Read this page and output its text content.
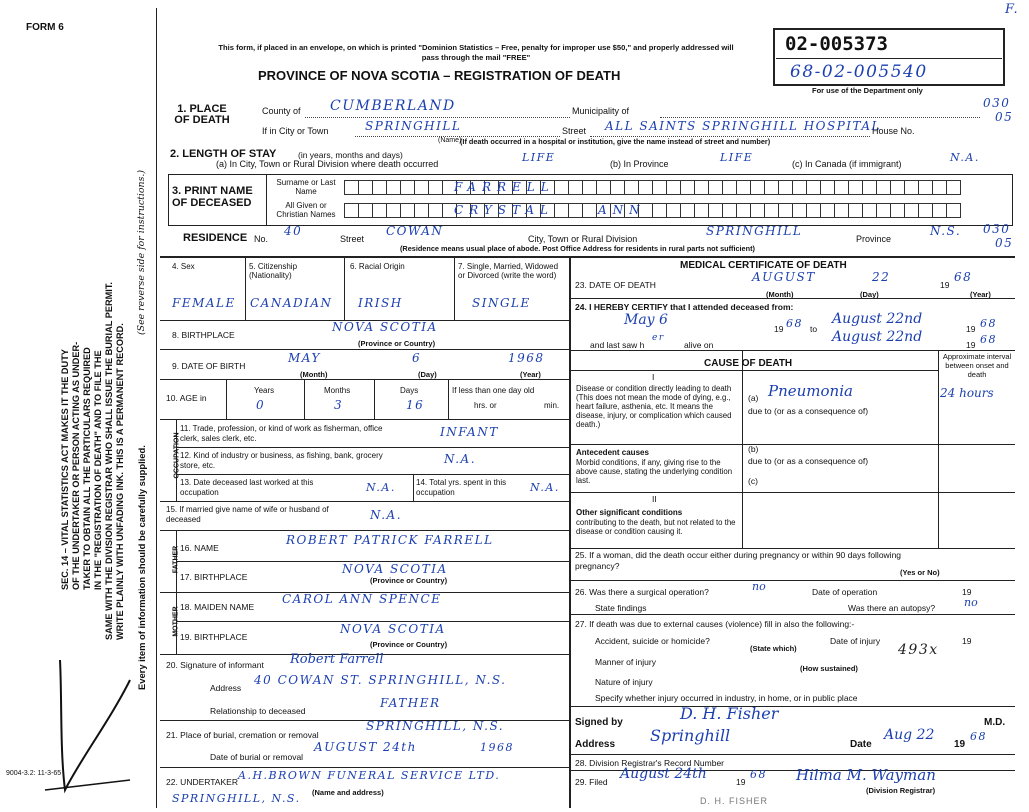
FORM 6
F.
SEC. 14 – VITAL STATISTICS ACT MAKES IT THE DUTY OF THE UNDERTAKER OR PERSON ACTING AS UNDER- TAKER TO OBTAIN ALL THE PARTICULARS REQUIRED IN THE "REGISTRATION OF DEATH" AND TO FILE THE SAME WITH THE DIVISION REGISTRAR WHO SHALL ISSUE THE BURIAL PERMIT. WRITE PLAINLY WITH UNFADING INK. THIS IS A PERMANENT RECORD. Every item of information should be carefully supplied.
(See reverse side for instructions.)
9004-3.2: 11-3-65
This form, if placed in an envelope, on which is printed "Dominion Statistics – Free, penalty for improper use $50," and properly addressed will pass through the mail "FREE"
PROVINCE OF NOVA SCOTIA – REGISTRATION OF DEATH
02-005373
68-02-005540
For use of the Department only
1. PLACE OF DEATH
County of CUMBERLAND	Municipality of
030
05
If in City or Town	SPRINGHILL
(Name)
Street ALL SAINTS SPRINGHILL HOSPITAL
House No.
(If death occurred in a hospital or institution, give the name instead of street and number)
2. LENGTH OF STAY	(in years, months and days)
(a) In City, Town or Rural Division where death occurred	LIFE	(b) In Province	LIFE	(c) In Canada (if immigrant)	N.A.
3. PRINT NAME OF DECEASED
Surname or Last Name
All Given or Christian Names
FARRELL
CRYSTAL	ANN
RESIDENCE No.
40
Street
COWAN
City, Town or Rural Division
SPRINGHILL
Province
N.S. 030
05
(Residence means usual place of abode. Post Office Address for residents in rural parts not sufficient)
4. Sex	5. Citizenship (Nationality)
6. Racial Origin	7. Single, Married, Widowed or Divorced (write the word)
FEMALE CANADIAN IRISH	SINGLE
8. BIRTHPLACE
NOVA SCOTIA
(Province or Country)
9. DATE OF BIRTH
MAY	6	1968
(Month)	(Day)	(Year)
10. AGE in
Years	Months	Days
0	3	16
If less than one day old
hrs. or	min.
OCCUPATION
11. Trade, profession, or kind of work as fisherman, office clerk, sales clerk, etc.	INFANT
12. Kind of industry or business, as fishing, bank, grocery store, etc.	N.A.
13. Date deceased last worked at this occupation	N.A.	14. Total yrs. spent in this occupation	N.A.
15. If married give name of wife or husband of deceased	N.A.
FATHER 16. NAME
ROBERT PATRICK FARRELL
17. BIRTHPLACE
NOVA SCOTIA
(Province or Country)
MOTHER 18. MAIDEN NAME
CAROL ANN SPENCE
19. BIRTHPLACE
NOVA SCOTIA
(Province or Country)
20. Signature of informant Robert Farrell
Address
40 COWAN ST. SPRINGHILL, N.S.
Relationship to deceased
FATHER
21. Place of burial, cremation or removal
SPRINGHILL, N.S.
Date of burial or removal
AUGUST 24th	1968
22. UNDERTAKER A.H.BROWN FUNERAL SERVICE LTD.
(Name and address)
SPRINGHILL, N.S.
MEDICAL CERTIFICATE OF DEATH
23. DATE OF DEATH
AUGUST	22
19
68
(Month)	(Day)	(Year)
24. I HEREBY CERTIFY that I attended deceased from:
May 6
19 68 to
August 22nd
19 68
and last saw h
er
alive on	August 22nd	19 68
CAUSE OF DEATH
Approximate interval between onset and death
I
Disease or condition directly leading to death (This does not mean the mode of dying, e.g., heart failure, asthenia, etc. It means the disease, injury, or complication which caused death.)
(a) Pneumonia	24 hours
due to (or as a consequence of)
Antecedent causes
Morbid conditions, if any, giving rise to the above cause, stating the underlying condition last.
(b)
due to (or as a consequence of)
(c)
II
Other significant conditions
contributing to the death, but not related to the disease or condition causing it.
25. If a woman, did the death occur either during pregnancy or within 90 days following pregnancy?
(Yes or No)
26. Was there a surgical operation?	no	Date of operation	19
State findings	Was there an autopsy?	no
27. If death was due to external causes (violence) fill in also the following:-
Accident, suicide or homicide?
(State which)
Date of injury	19
Manner of injury
(How sustained)
493x
Nature of injury
Specify whether injury occurred in industry, in home, or in public place
Signed by	D. H. Fisher	M.D.
Address Springhill	Date
Aug 22
19
68
28. Division Registrar's Record Number
29. Filed August 24th	19
68 Hilma M. Wayman
(Division Registrar)
D. H. FISHER
